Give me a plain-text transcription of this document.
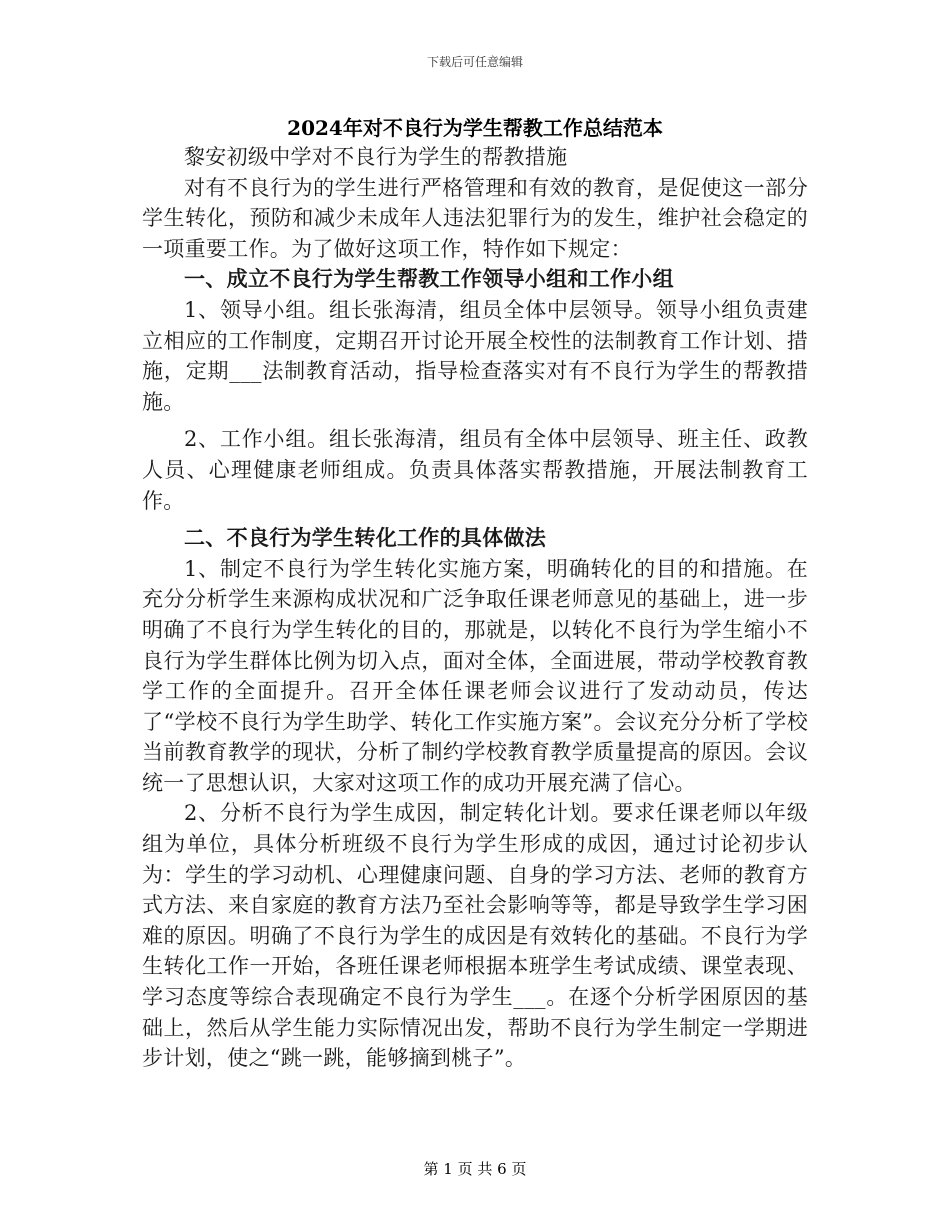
下载后可任意编辑
2024年对不良行为学生帮教工作总结范本

黎安初级中学对不良行为学生的帮教措施

对有不良行为的学生进行严格管理和有效的教育，是促使这一部分学生转化，预防和减少未成年人违法犯罪行为的发生，维护社会稳定的一项重要工作。为了做好这项工作，特作如下规定：

一、成立不良行为学生帮教工作领导小组和工作小组

1、领导小组。组长张海清，组员全体中层领导。领导小组负责建立相应的工作制度，定期召开讨论开展全校性的法制教育工作计划、措施，定期___法制教育活动，指导检查落实对有不良行为学生的帮教措施。

2、工作小组。组长张海清，组员有全体中层领导、班主任、政教人员、心理健康老师组成。负责具体落实帮教措施，开展法制教育工作。

二、不良行为学生转化工作的具体做法

1、制定不良行为学生转化实施方案，明确转化的目的和措施。在充分分析学生来源构成状况和广泛争取任课老师意见的基础上，进一步明确了不良行为学生转化的目的，那就是，以转化不良行为学生缩小不良行为学生群体比例为切入点，面对全体，全面进展，带动学校教育教学工作的全面提升。召开全体任课老师会议进行了发动动员，传达了“学校不良行为学生助学、转化工作实施方案”。会议充分分析了学校当前教育教学的现状，分析了制约学校教育教学质量提高的原因。会议统一了思想认识，大家对这项工作的成功开展充满了信心。

2、分析不良行为学生成因，制定转化计划。要求任课老师以年级组为单位，具体分析班级不良行为学生形成的成因，通过讨论初步认为：学生的学习动机、心理健康问题、自身的学习方法、老师的教育方式方法、来自家庭的教育方法乃至社会影响等等，都是导致学生学习困难的原因。明确了不良行为学生的成因是有效转化的基础。不良行为学生转化工作一开始，各班任课老师根据本班学生考试成绩、课堂表现、学习态度等综合表现确定不良行为学生___。在逐个分析学困原因的基础上，然后从学生能力实际情况出发，帮助不良行为学生制定一学期进步计划，使之“跳一跳，能够摘到桃子”。

第 1 页 共 6 页
